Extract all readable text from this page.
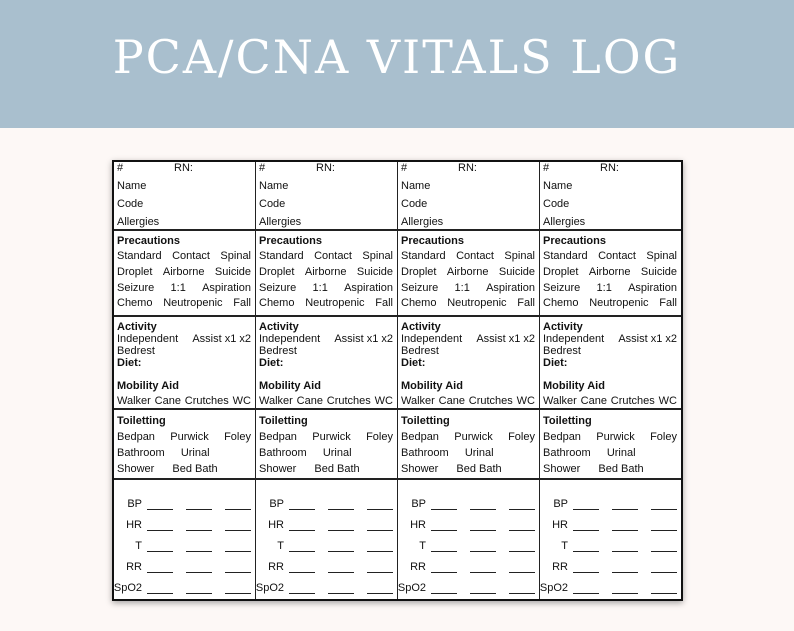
PCA/CNA VITALS LOG
#	RN:
Name
Code
Allergies
Precautions
Standard Contact Spinal
Droplet Airborne Suicide
Seizure 1:1 Aspiration
Chemo Neutropenic Fall
Activity
Independent Assist x1 x2
Bedrest
Diet:
Mobility Aid
Walker Cane Crutches WC
Toiletting
Bedpan Purwick Foley
Bathroom Urinal
Shower Bed Bath
BP
HR
T
RR
SpO2
#	RN:
Name
Code
Allergies
Precautions
Standard Contact Spinal
Droplet Airborne Suicide
Seizure 1:1 Aspiration
Chemo Neutropenic Fall
Activity
Independent Assist x1 x2
Bedrest
Diet:
Mobility Aid
Walker Cane Crutches WC
Toiletting
Bedpan Purwick Foley
Bathroom Urinal
Shower Bed Bath
BP
HR
T
RR
SpO2
#	RN:
Name
Code
Allergies
Precautions
Standard Contact Spinal
Droplet Airborne Suicide
Seizure 1:1 Aspiration
Chemo Neutropenic Fall
Activity
Independent Assist x1 x2
Bedrest
Diet:
Mobility Aid
Walker Cane Crutches WC
Toiletting
Bedpan Purwick Foley
Bathroom Urinal
Shower Bed Bath
BP
HR
T
RR
SpO2
#	RN:
Name
Code
Allergies
Precautions
Standard Contact Spinal
Droplet Airborne Suicide
Seizure 1:1 Aspiration
Chemo Neutropenic Fall
Activity
Independent Assist x1 x2
Bedrest
Diet:
Mobility Aid
Walker Cane Crutches WC
Toiletting
Bedpan Purwick Foley
Bathroom Urinal
Shower Bed Bath
BP
HR
T
RR
SpO2
